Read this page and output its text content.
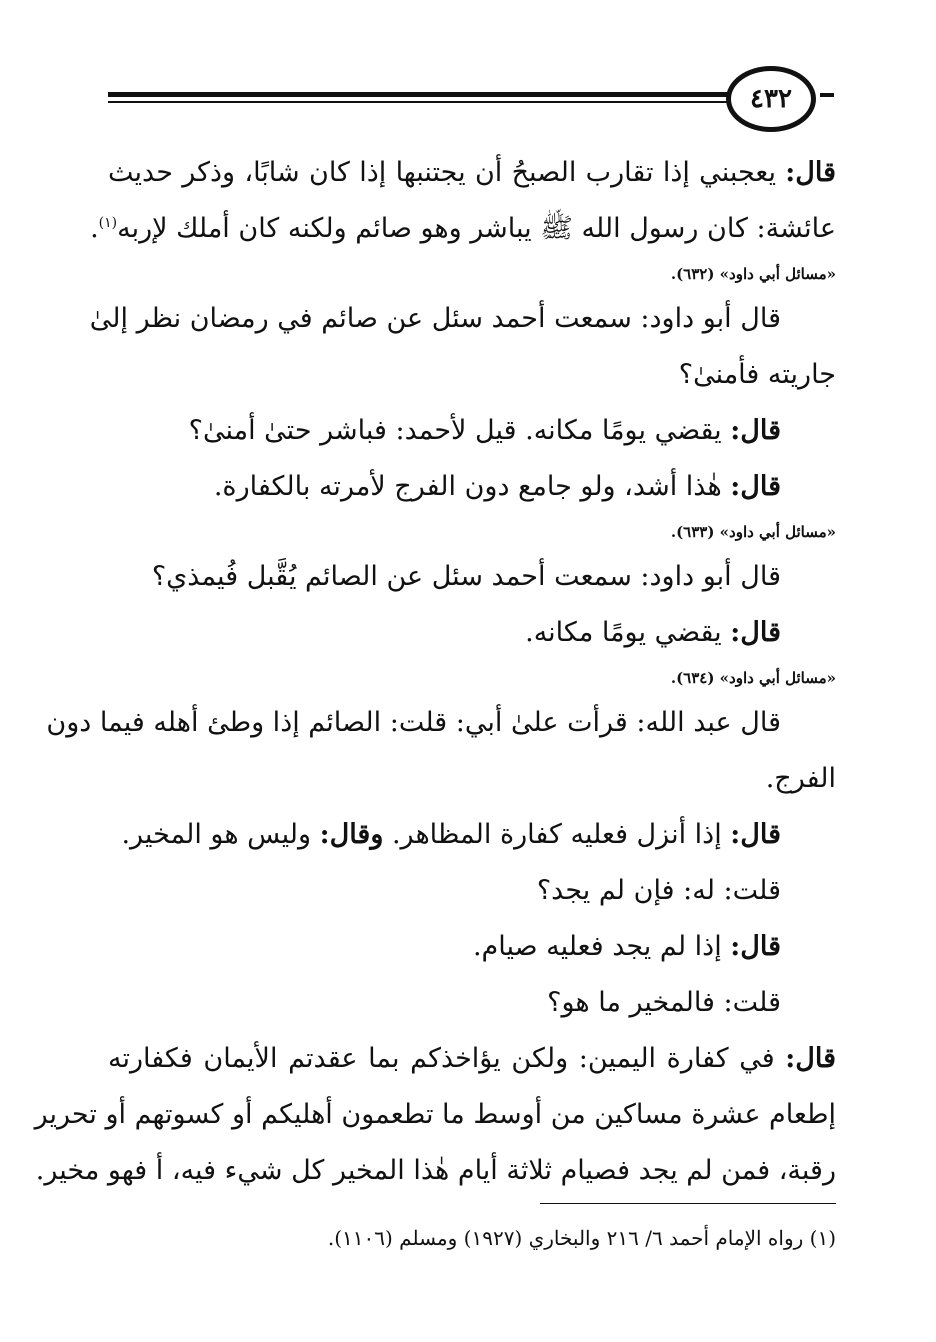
٤٣٢
قال: يعجبني إذا تقارب الصبحُ أن يجتنبها إذا كان شابًا، وذكر حديث
عائشة: كان رسول الله ﷺ يباشر وهو صائم ولكنه كان أملك لإربه$^{(١)}$.
«مسائل أبي داود» (٦٣٢).
قال أبو داود: سمعت أحمد سئل عن صائم في رمضان نظر إلىٰ
جاريته فأمنىٰ؟
قال: يقضي يومًا مكانه. قيل لأحمد: فباشر حتىٰ أمنىٰ؟
قال: هٰذا أشد، ولو جامع دون الفرج لأمرته بالكفارة.
«مسائل أبي داود» (٦٣٣).
قال أبو داود: سمعت أحمد سئل عن الصائم يُقَّبل فُيمذي؟
قال: يقضي يومًا مكانه.
«مسائل أبي داود» (٦٣٤).
قال عبد الله: قرأت علىٰ أبي: قلت: الصائم إذا وطئ أهله فيما دون
الفرج.
قال: إذا أنزل فعليه كفارة المظاهر. وقال: وليس هو المخير.
قلت: له: فإن لم يجد؟
قال: إذا لم يجد فعليه صيام.
قلت: فالمخير ما هو؟
قال: في كفارة اليمين: ولكن يؤاخذكم بما عقدتم الأيمان فكفارته
إطعام عشرة مساكين من أوسط ما تطعمون أهليكم أو كسوتهم أو تحرير
رقبة، فمن لم يجد فصيام ثلاثة أيام هٰذا المخير كل شيء فيه، أ فهو مخير.
(١) رواه الإمام أحمد ٦/ ٢١٦ والبخاري (١٩٢٧) ومسلم (١١٠٦).
